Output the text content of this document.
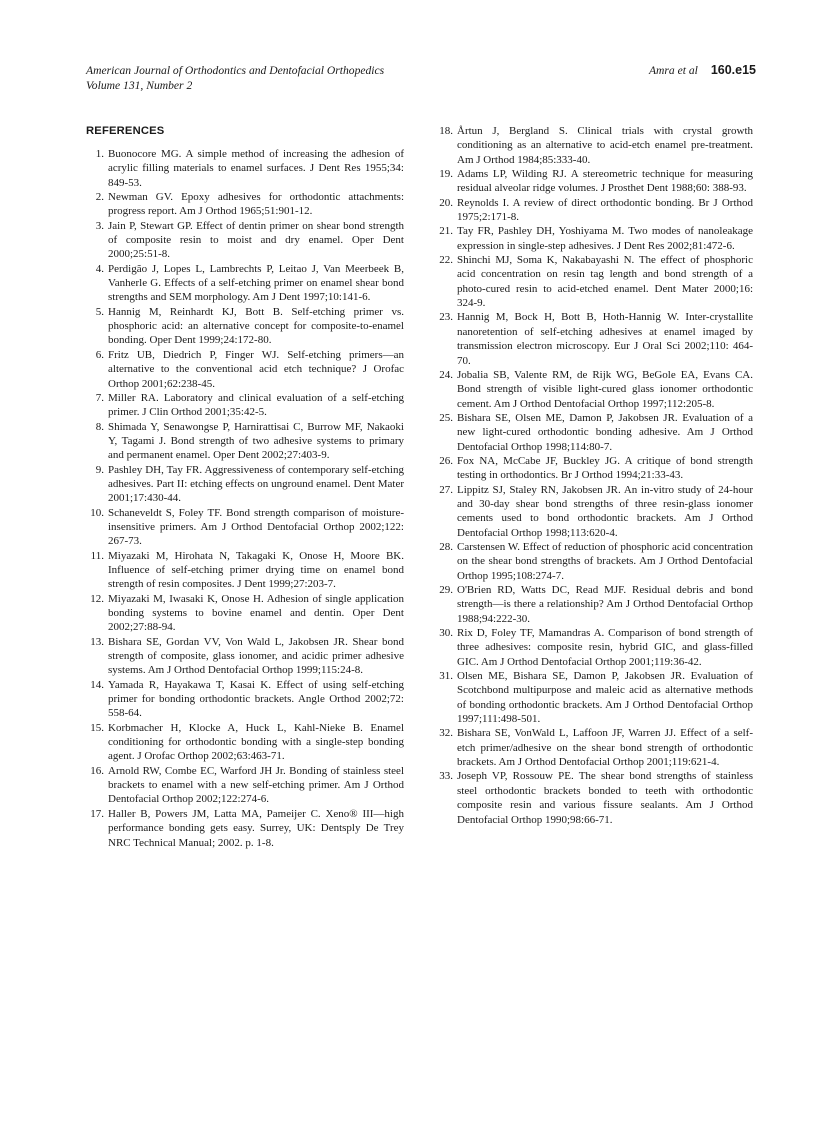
American Journal of Orthodontics and Dentofacial Orthopedics
Volume 131, Number 2
Amra et al 160.e15
REFERENCES
1. Buonocore MG. A simple method of increasing the adhesion of acrylic filling materials to enamel surfaces. J Dent Res 1955;34: 849-53.
2. Newman GV. Epoxy adhesives for orthodontic attachments: progress report. Am J Orthod 1965;51:901-12.
3. Jain P, Stewart GP. Effect of dentin primer on shear bond strength of composite resin to moist and dry enamel. Oper Dent 2000;25:51-8.
4. Perdigão J, Lopes L, Lambrechts P, Leitao J, Van Meerbeek B, Vanherle G. Effects of a self-etching primer on enamel shear bond strengths and SEM morphology. Am J Dent 1997;10:141-6.
5. Hannig M, Reinhardt KJ, Bott B. Self-etching primer vs. phosphoric acid: an alternative concept for composite-to-enamel bonding. Oper Dent 1999;24:172-80.
6. Fritz UB, Diedrich P, Finger WJ. Self-etching primers—an alternative to the conventional acid etch technique? J Orofac Orthop 2001;62:238-45.
7. Miller RA. Laboratory and clinical evaluation of a self-etching primer. J Clin Orthod 2001;35:42-5.
8. Shimada Y, Senawongse P, Harnirattisai C, Burrow MF, Nakaoki Y, Tagami J. Bond strength of two adhesive systems to primary and permanent enamel. Oper Dent 2002;27:403-9.
9. Pashley DH, Tay FR. Aggressiveness of contemporary self-etching adhesives. Part II: etching effects on unground enamel. Dent Mater 2001;17:430-44.
10. Schaneveldt S, Foley TF. Bond strength comparison of moisture-insensitive primers. Am J Orthod Dentofacial Orthop 2002;122: 267-73.
11. Miyazaki M, Hirohata N, Takagaki K, Onose H, Moore BK. Influence of self-etching primer drying time on enamel bond strength of resin composites. J Dent 1999;27:203-7.
12. Miyazaki M, Iwasaki K, Onose H. Adhesion of single application bonding systems to bovine enamel and dentin. Oper Dent 2002;27:88-94.
13. Bishara SE, Gordan VV, Von Wald L, Jakobsen JR. Shear bond strength of composite, glass ionomer, and acidic primer adhesive systems. Am J Orthod Dentofacial Orthop 1999;115:24-8.
14. Yamada R, Hayakawa T, Kasai K. Effect of using self-etching primer for bonding orthodontic brackets. Angle Orthod 2002;72: 558-64.
15. Korbmacher H, Klocke A, Huck L, Kahl-Nieke B. Enamel conditioning for orthodontic bonding with a single-step bonding agent. J Orofac Orthop 2002;63:463-71.
16. Arnold RW, Combe EC, Warford JH Jr. Bonding of stainless steel brackets to enamel with a new self-etching primer. Am J Orthod Dentofacial Orthop 2002;122:274-6.
17. Haller B, Powers JM, Latta MA, Pameijer C. Xeno® III—high performance bonding gets easy. Surrey, UK: Dentsply De Trey NRC Technical Manual; 2002. p. 1-8.
18. Årtun J, Bergland S. Clinical trials with crystal growth conditioning as an alternative to acid-etch enamel pre-treatment. Am J Orthod 1984;85:333-40.
19. Adams LP, Wilding RJ. A stereometric technique for measuring residual alveolar ridge volumes. J Prosthet Dent 1988;60: 388-93.
20. Reynolds I. A review of direct orthodontic bonding. Br J Orthod 1975;2:171-8.
21. Tay FR, Pashley DH, Yoshiyama M. Two modes of nanoleakage expression in single-step adhesives. J Dent Res 2002;81:472-6.
22. Shinchi MJ, Soma K, Nakabayashi N. The effect of phosphoric acid concentration on resin tag length and bond strength of a photo-cured resin to acid-etched enamel. Dent Mater 2000;16: 324-9.
23. Hannig M, Bock H, Bott B, Hoth-Hannig W. Inter-crystallite nanoretention of self-etching adhesives at enamel imaged by transmission electron microscopy. Eur J Oral Sci 2002;110: 464-70.
24. Jobalia SB, Valente RM, de Rijk WG, BeGole EA, Evans CA. Bond strength of visible light-cured glass ionomer orthodontic cement. Am J Orthod Dentofacial Orthop 1997;112:205-8.
25. Bishara SE, Olsen ME, Damon P, Jakobsen JR. Evaluation of a new light-cured orthodontic bonding adhesive. Am J Orthod Dentofacial Orthop 1998;114:80-7.
26. Fox NA, McCabe JF, Buckley JG. A critique of bond strength testing in orthodontics. Br J Orthod 1994;21:33-43.
27. Lippitz SJ, Staley RN, Jakobsen JR. An in-vitro study of 24-hour and 30-day shear bond strengths of three resin-glass ionomer cements used to bond orthodontic brackets. Am J Orthod Dentofacial Orthop 1998;113:620-4.
28. Carstensen W. Effect of reduction of phosphoric acid concentration on the shear bond strengths of brackets. Am J Orthod Dentofacial Orthop 1995;108:274-7.
29. O'Brien RD, Watts DC, Read MJF. Residual debris and bond strength—is there a relationship? Am J Orthod Dentofacial Orthop 1988;94:222-30.
30. Rix D, Foley TF, Mamandras A. Comparison of bond strength of three adhesives: composite resin, hybrid GIC, and glass-filled GIC. Am J Orthod Dentofacial Orthop 2001;119:36-42.
31. Olsen ME, Bishara SE, Damon P, Jakobsen JR. Evaluation of Scotchbond multipurpose and maleic acid as alternative methods of bonding orthodontic brackets. Am J Orthod Dentofacial Orthop 1997;111:498-501.
32. Bishara SE, VonWald L, Laffoon JF, Warren JJ. Effect of a self-etch primer/adhesive on the shear bond strength of orthodontic brackets. Am J Orthod Dentofacial Orthop 2001;119:621-4.
33. Joseph VP, Rossouw PE. The shear bond strengths of stainless steel orthodontic brackets bonded to teeth with orthodontic composite resin and various fissure sealants. Am J Orthod Dentofacial Orthop 1990;98:66-71.
